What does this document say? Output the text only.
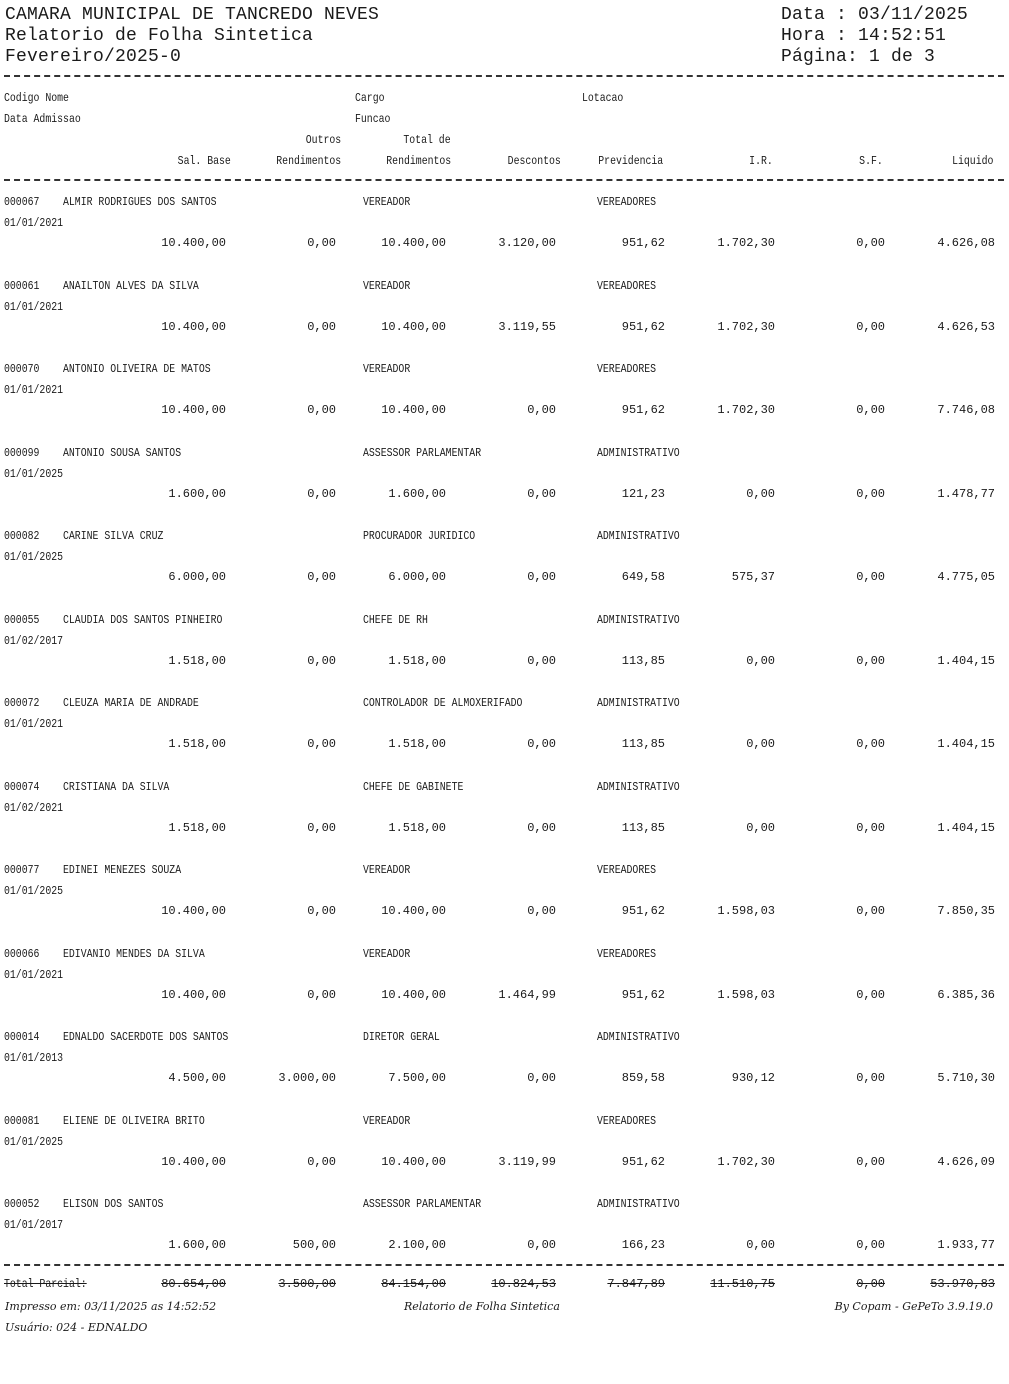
CAMARA MUNICIPAL DE TANCREDO NEVES
Relatorio de Folha Sintetica
Fevereiro/2025-0
Data : 03/11/2025
Hora : 14:52:51
Página: 1 de 3
Codigo Nome	Cargo	Lotacao
Data Admissao	Funcao
Outros	Total de
Sal. Base	Rendimentos	Rendimentos	Descontos	Previdencia	I.R.	S.F.	Liquido
000067 ALMIR RODRIGUES DOS SANTOS	VEREADOR	VEREADORES
01/01/2021
10.400,00	0,00	10.400,00	3.120,00	951,62	1.702,30	0,00	4.626,08
000061 ANAILTON ALVES DA SILVA	VEREADOR	VEREADORES
01/01/2021
10.400,00	0,00	10.400,00	3.119,55	951,62	1.702,30	0,00	4.626,53
000070 ANTONIO OLIVEIRA DE MATOS	VEREADOR	VEREADORES
01/01/2021
10.400,00	0,00	10.400,00	0,00	951,62	1.702,30	0,00	7.746,08
000099 ANTONIO SOUSA SANTOS	ASSESSOR PARLAMENTAR	ADMINISTRATIVO
01/01/2025
1.600,00	0,00	1.600,00	0,00	121,23	0,00	0,00	1.478,77
000082 CARINE SILVA CRUZ	PROCURADOR JURIDICO	ADMINISTRATIVO
01/01/2025
6.000,00	0,00	6.000,00	0,00	649,58	575,37	0,00	4.775,05
000055 CLAUDIA DOS SANTOS PINHEIRO	CHEFE DE RH	ADMINISTRATIVO
01/02/2017
1.518,00	0,00	1.518,00	0,00	113,85	0,00	0,00	1.404,15
000072 CLEUZA MARIA DE ANDRADE	CONTROLADOR DE ALMOXERIFADO	ADMINISTRATIVO
01/01/2021
1.518,00	0,00	1.518,00	0,00	113,85	0,00	0,00	1.404,15
000074 CRISTIANA DA SILVA	CHEFE DE GABINETE	ADMINISTRATIVO
01/02/2021
1.518,00	0,00	1.518,00	0,00	113,85	0,00	0,00	1.404,15
000077 EDINEI MENEZES SOUZA	VEREADOR	VEREADORES
01/01/2025
10.400,00	0,00	10.400,00	0,00	951,62	1.598,03	0,00	7.850,35
000066 EDIVANIO MENDES DA SILVA	VEREADOR	VEREADORES
01/01/2021
10.400,00	0,00	10.400,00	1.464,99	951,62	1.598,03	0,00	6.385,36
000014 EDNALDO SACERDOTE DOS SANTOS	DIRETOR GERAL	ADMINISTRATIVO
01/01/2013
4.500,00	3.000,00	7.500,00	0,00	859,58	930,12	0,00	5.710,30
000081 ELIENE DE OLIVEIRA BRITO	VEREADOR	VEREADORES
01/01/2025
10.400,00	0,00	10.400,00	3.119,99	951,62	1.702,30	0,00	4.626,09
000052 ELISON DOS SANTOS	ASSESSOR PARLAMENTAR	ADMINISTRATIVO
01/01/2017
1.600,00	500,00	2.100,00	0,00	166,23	0,00	0,00	1.933,77
Total Parcial:	80.654,00	3.500,00	84.154,00	10.824,53	7.847,89	11.510,75	0,00	53.970,83
Impresso em: 03/11/2025 as 14:52:52	Relatorio de Folha Sintetica	By Copam - GePeTo 3.9.19.0
Usuário: 024 - EDNALDO
